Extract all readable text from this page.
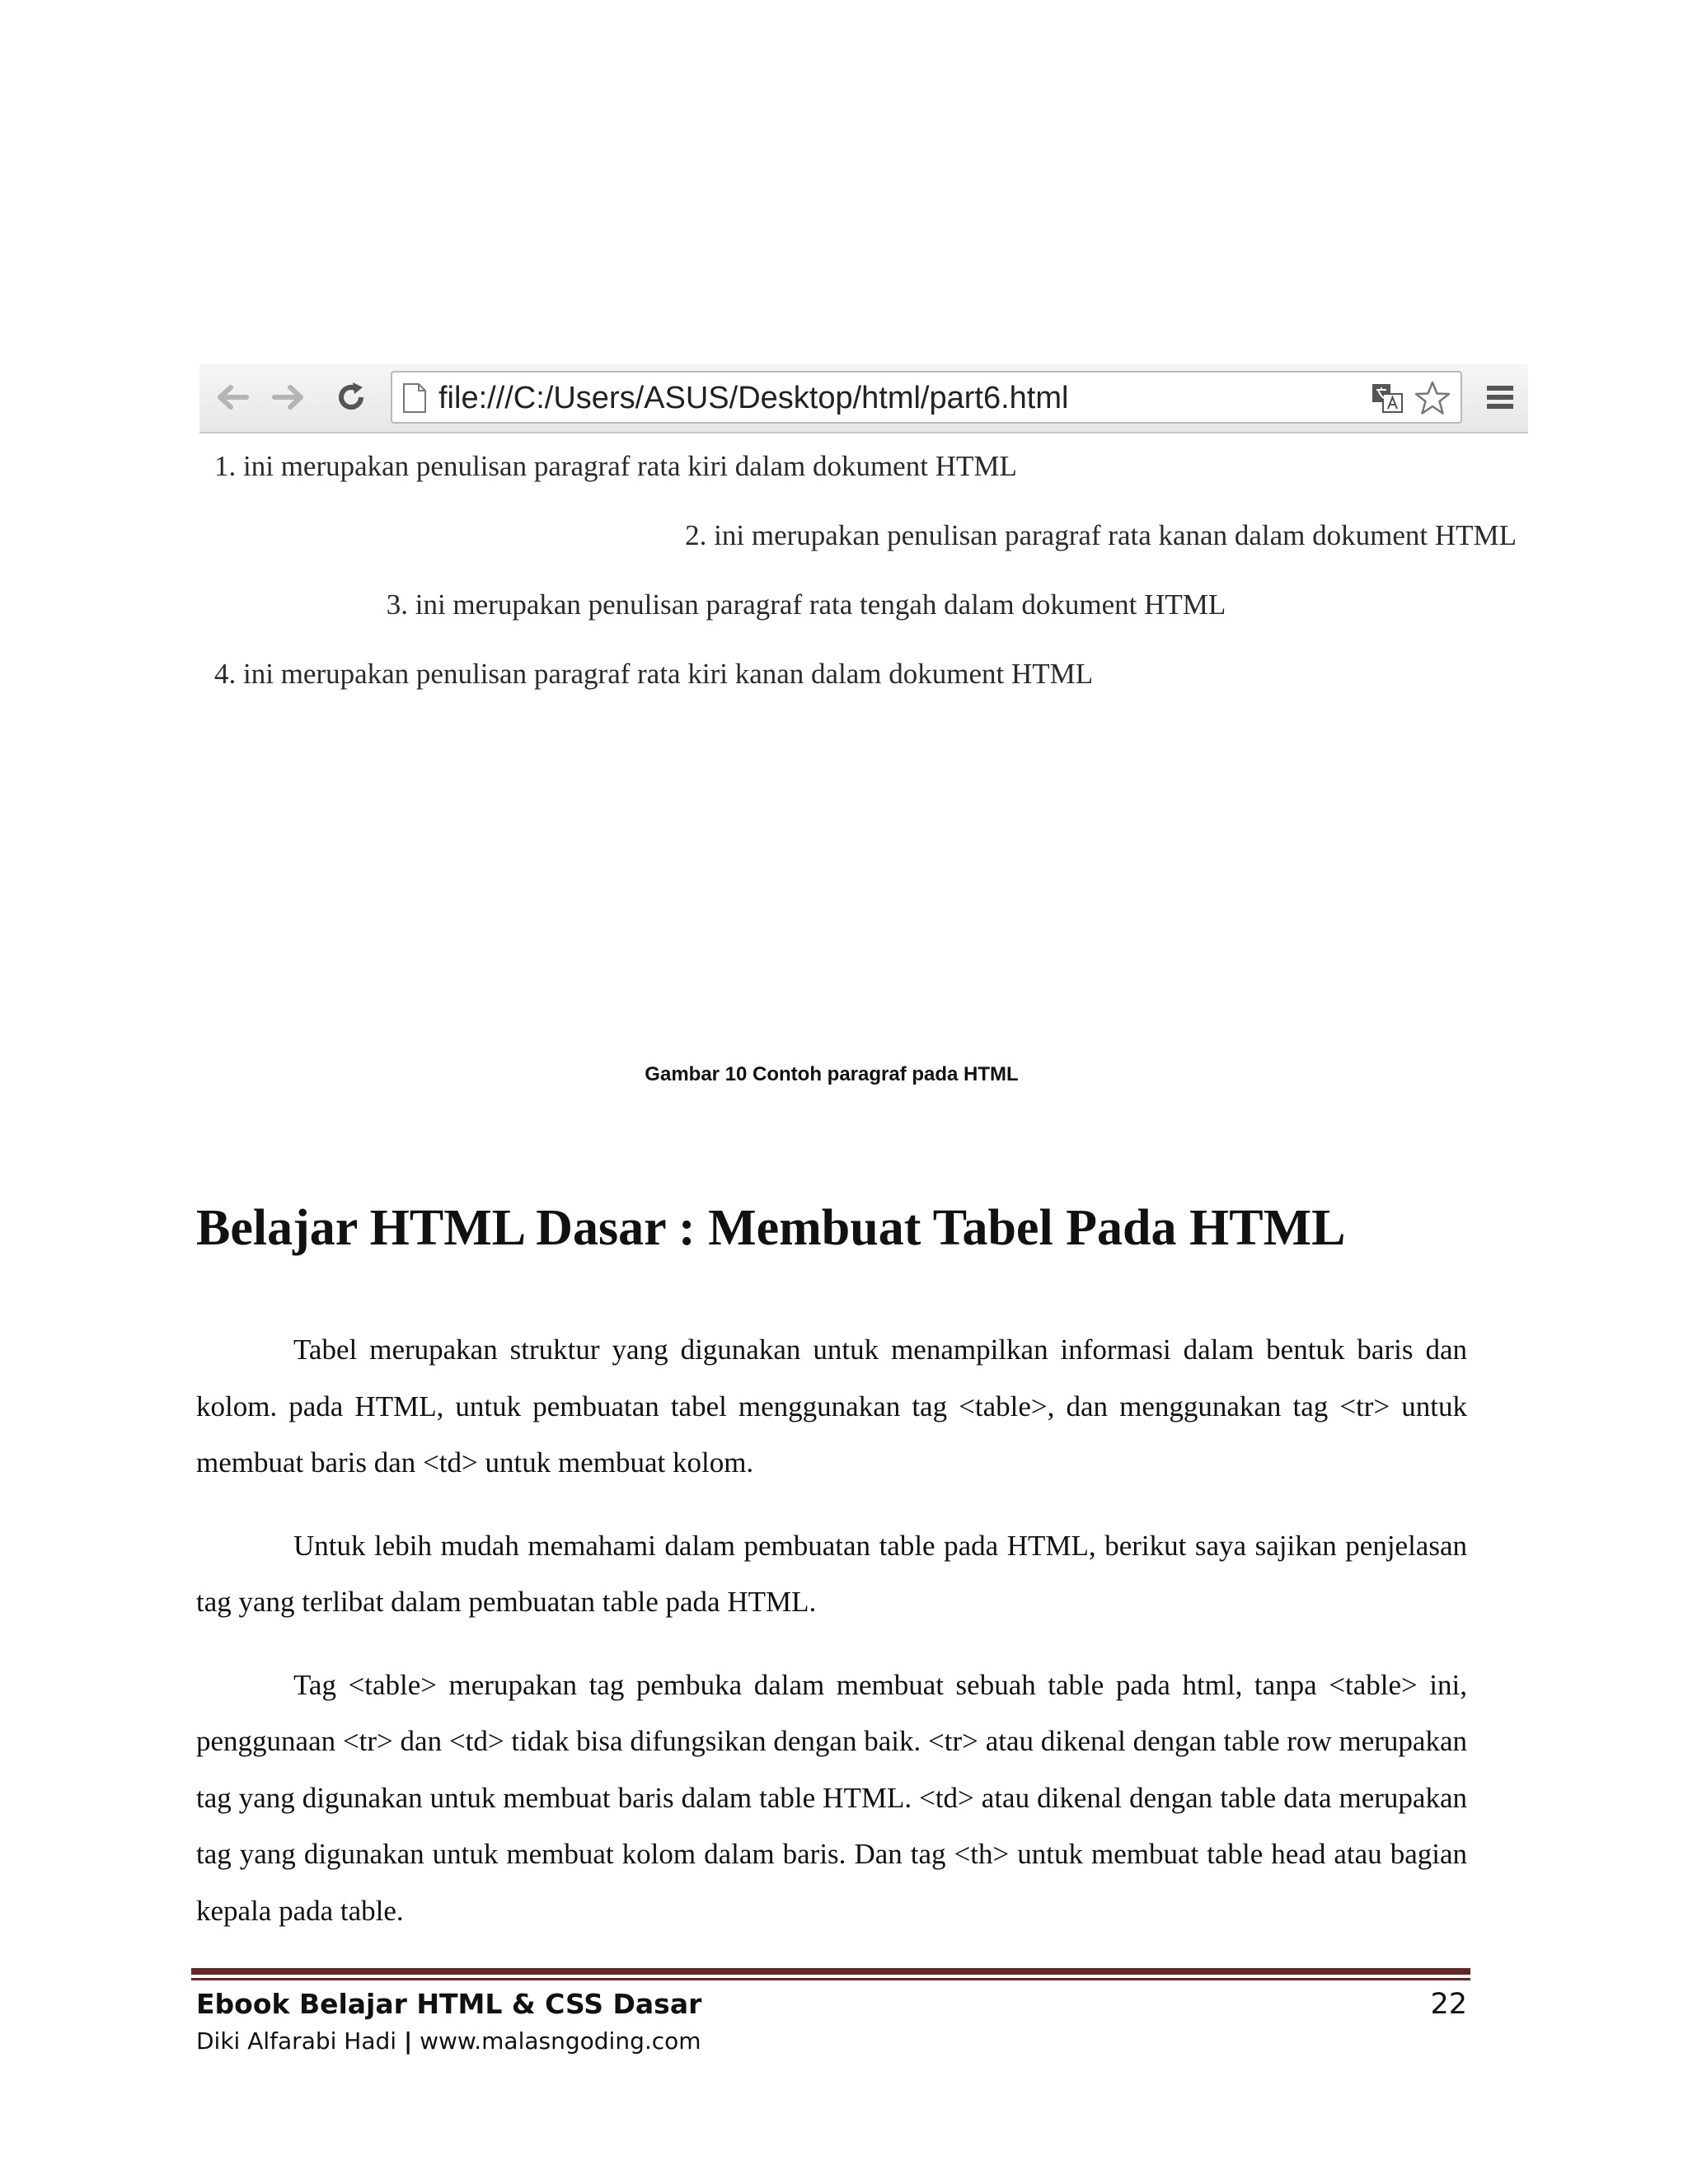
file:///C:/Users/ASUS/Desktop/html/part6.html
1. ini merupakan penulisan paragraf rata kiri dalam dokument HTML
2. ini merupakan penulisan paragraf rata kanan dalam dokument HTML
3. ini merupakan penulisan paragraf rata tengah dalam dokument HTML
4. ini merupakan penulisan paragraf rata kiri kanan dalam dokument HTML
Gambar 10 Contoh paragraf pada HTML
Belajar HTML Dasar : Membuat Tabel Pada HTML

Tabel merupakan struktur yang digunakan untuk menampilkan informasi dalam bentuk baris dan kolom. pada HTML, untuk pembuatan tabel menggunakan tag <table>, dan menggunakan tag <tr> untuk membuat baris dan <td> untuk membuat kolom.

Untuk lebih mudah memahami dalam pembuatan table pada HTML, berikut saya sajikan penjelasan tag yang terlibat dalam pembuatan table pada HTML.

Tag <table> merupakan tag pembuka dalam membuat sebuah table pada html, tanpa <table> ini, penggunaan <tr> dan <td> tidak bisa difungsikan dengan baik. <tr> atau dikenal dengan table row merupakan tag yang digunakan untuk membuat baris dalam table HTML. <td> atau dikenal dengan table data merupakan tag yang digunakan untuk membuat kolom dalam baris. Dan tag <th> untuk membuat table head atau bagian kepala pada table.

Ebook Belajar HTML & CSS Dasar	22
Diki Alfarabi Hadi | www.malasngoding.com
